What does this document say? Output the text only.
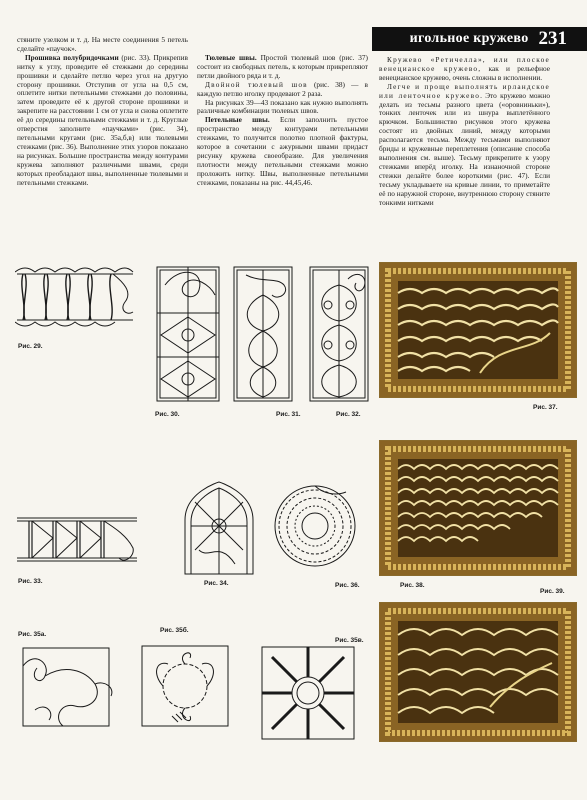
игольное кружево 231

стяните узелком и т. д. На месте соединения 5 петель сделайте «паучок».

Прошивка полубридочками (рис. 33). Прикрепив нитку к углу, проведите её стежками до середины прошивки и сделайте петлю через угол на другую сторону прошивки. Отступив от угла на 0,5 см, оплетите нитки петельными стежками до половины, затем проведите её к другой стороне прошивки и закрепите на расстоянии 1 см от угла и снова оплетите её до середины петельными стежками и т. д. Круглые отверстия заполните «паучками» (рис. 34), петельными кругами (рис. 35а,б,в) или тюлевыми стежками (рис. 36). Выполнение этих узоров показано на рисунках. Большие пространства между контурами кружева заполняют различными швами, среди которых преобладают швы, выполненные тюлевыми и петельными стежками.

Тюлевые швы. Простой тюлевый шов (рис. 37) состоит из свободных петель, к которым прикрепляют петли двойного ряда и т. д.

Двойной тюлевый шов (рис. 38) — в каждую петлю иголку продевают 2 раза.

На рисунках 39—43 показано как нужно выполнять различные комбинации тюлевых швов.

Петельные швы. Если заполнить пустое пространство между контурами петельными стежками, то получится полотно плотной фактуры, которое в сочетании с ажурными швами придаст рисунку кружева своеобразие. Для увеличения плотности между петельными стежками можно проложить нитку. Швы, выполненные петельными стежками, показаны на рис. 44,45,46.

Кружево «Ретичелла», или плоское венецианское кружево, как и рельефное венецианское кружево, очень сложны в исполнении.

Легче и проще выполнять ирландское или ленточное кружево. Это кружево можно делать из тесьмы разного цвета («оровниньки»), тонких ленточек или из шнура выплетённого крючком. Большинство рисунков этого кружева состоят из двойных линий, между которыми располагается тесьма. Между тесьмами выполняют бриды и кружевные переплетения (описание способа выполнения см. выше). Тесьму прикрепите к узору стежками вперёд иголку. На изнаночной стороне стежки делайте более короткими (рис. 47). Если тесьму укладываете на кривые линии, то приметайте её по наружной стороне, внутреннюю сторону стяните тонкими нитками

Рис. 29.
Рис. 30.	Рис. 31.	Рис. 32.
Рис. 37.
Рис. 33.	Рис. 34.	Рис. 36.	Рис. 38.
Рис. 39.
Рис. 35а.
Рис. 35б.
Рис. 35в.
